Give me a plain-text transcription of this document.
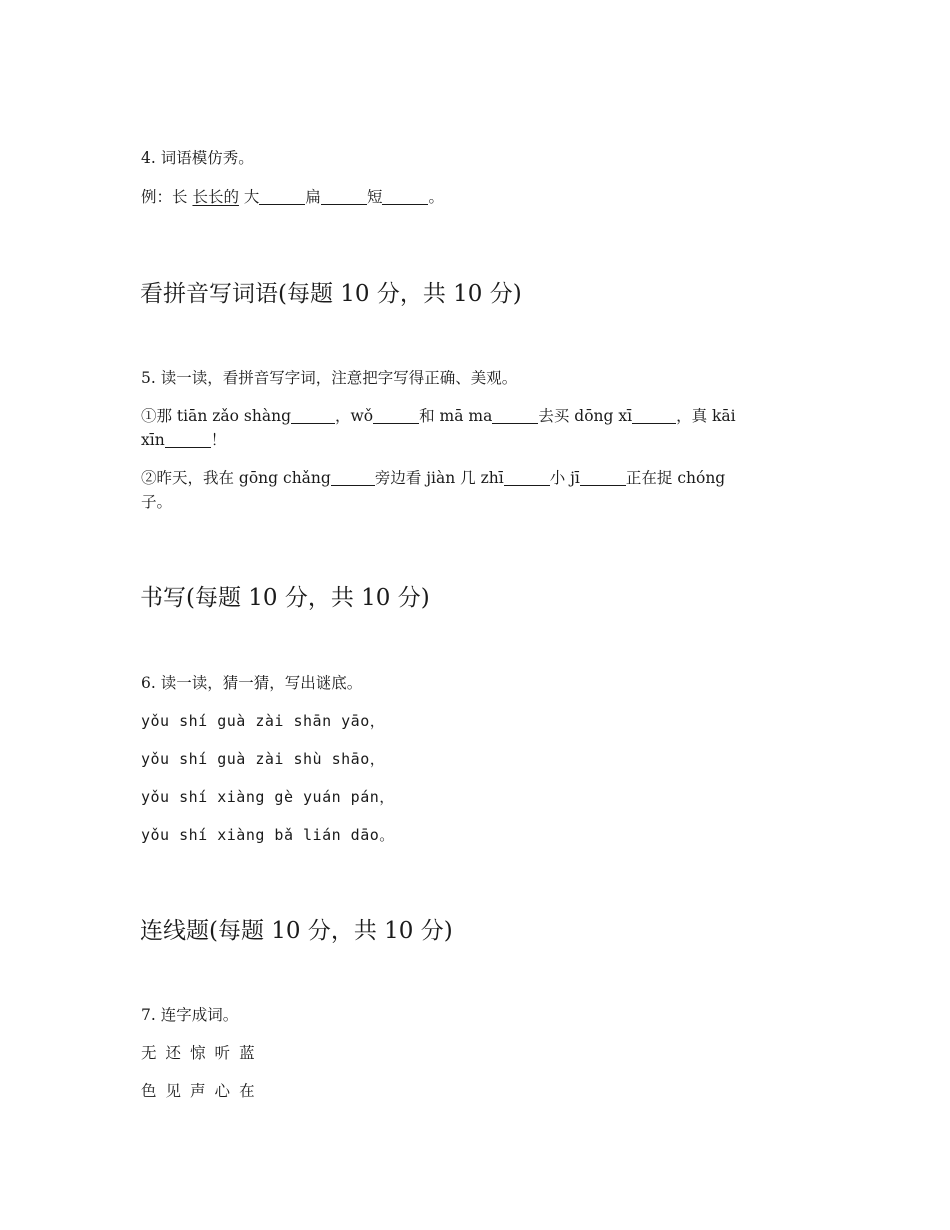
4. 词语模仿秀。
例：长 长长的 大	扁	短	。
看拼音写词语(每题 10 分，共 10 分)
5. 读一读，看拼音写字词，注意把字写得正确、美观。
①那 tiān zǎo shàng	，wǒ	和 mā ma	去买 dōng xī	，真 kāi
xīn	！
②昨天，我在 gōng chǎng	旁边看 jiàn 几 zhī	小 jī	正在捉 chóng
子。
书写(每题 10 分，共 10 分)
6. 读一读，猜一猜，写出谜底。
yǒu shí guà zài shān yāo，
yǒu shí guà zài shù shāo，
yǒu shí xiàng gè yuán pán，
yǒu shí xiàng bǎ lián dāo。
连线题(每题 10 分，共 10 分)
7. 连字成词。
无 还 惊 听 蓝
色 见 声 心 在
